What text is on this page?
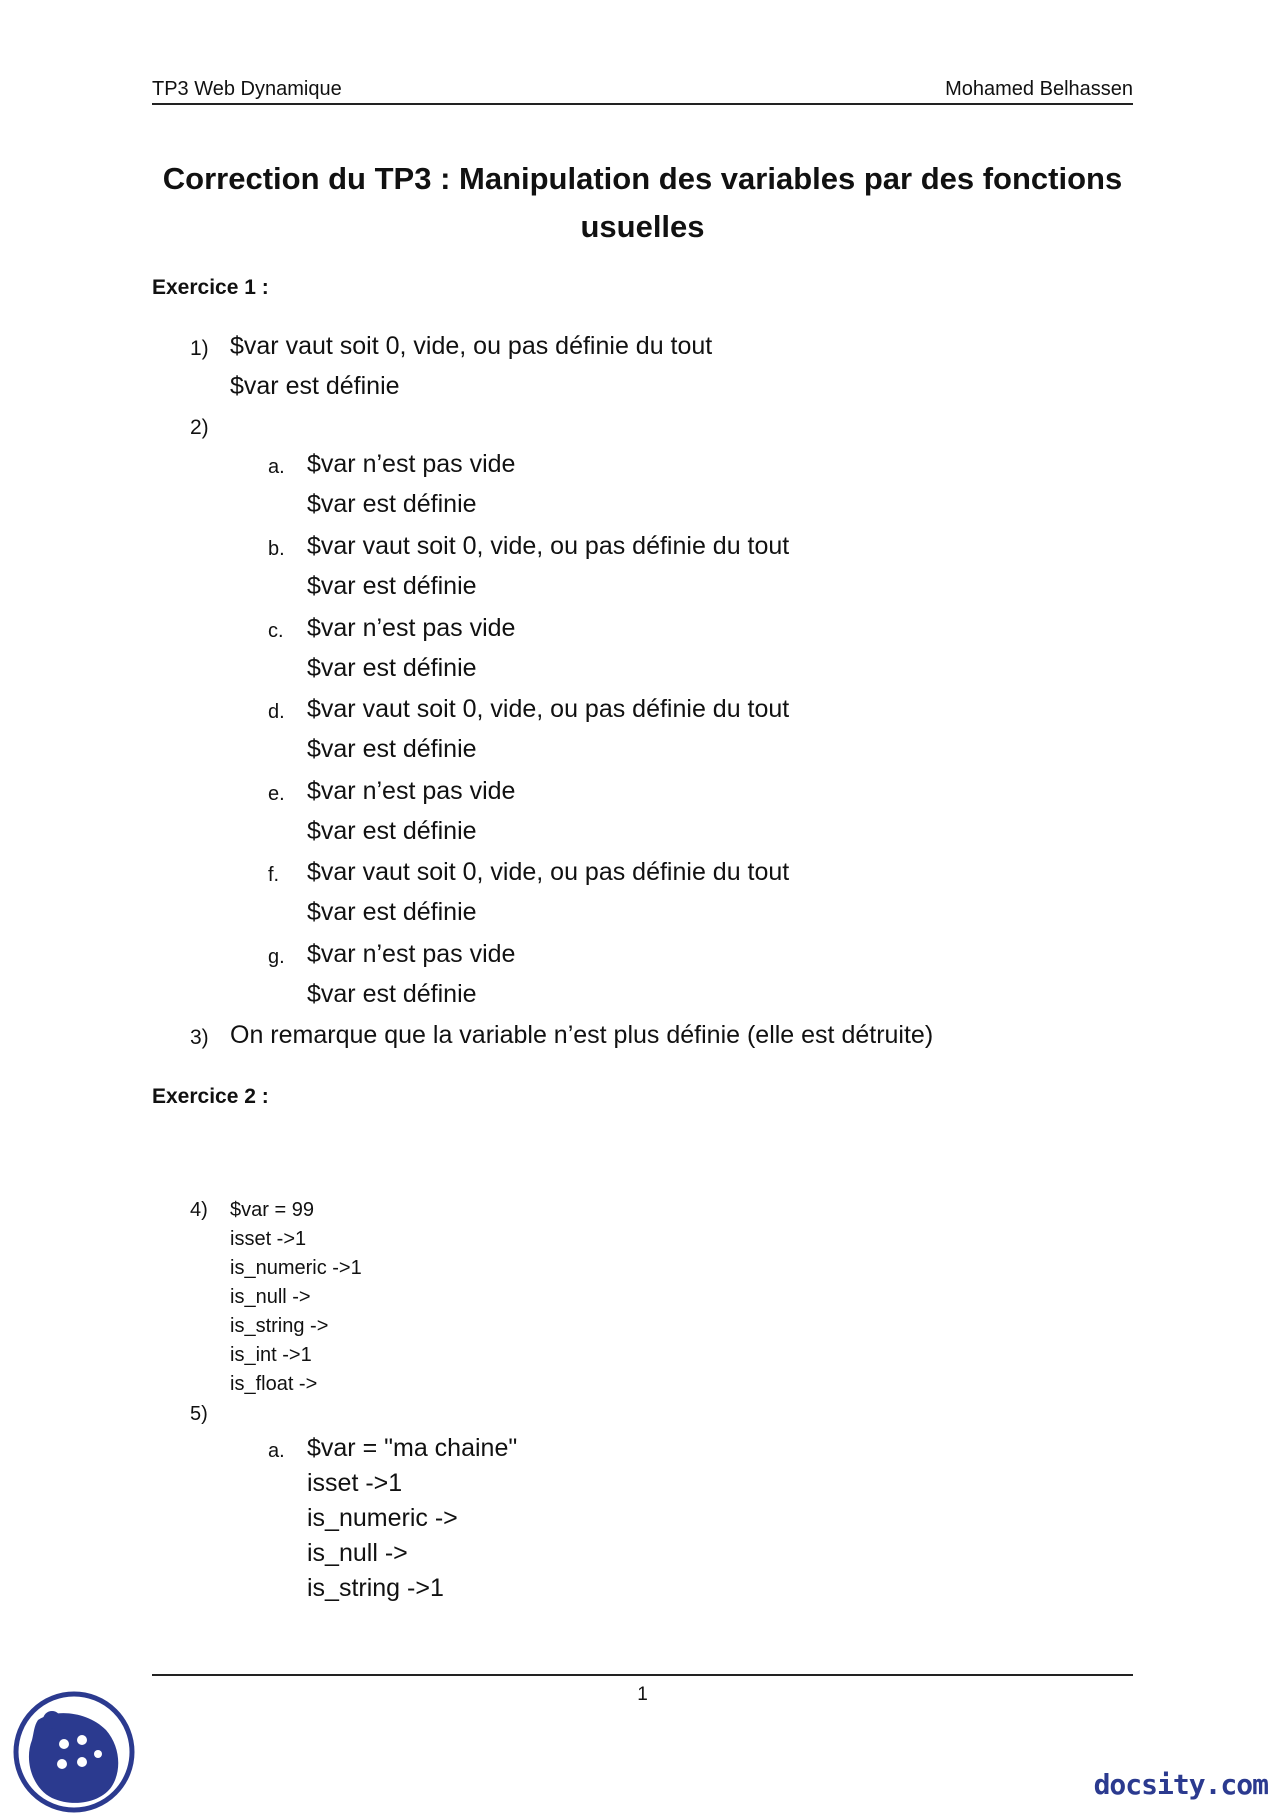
TP3 Web Dynamique	Mohamed Belhassen
Correction du TP3 : Manipulation des variables par des fonctions usuelles
Exercice 1 :
1) $var vaut soit 0, vide, ou pas définie du tout
$var est définie
2)
a. $var n’est pas vide
$var est définie
b. $var vaut soit 0, vide, ou pas définie du tout
$var est définie
c. $var n’est pas vide
$var est définie
d. $var vaut soit 0, vide, ou pas définie du tout
$var est définie
e. $var n’est pas vide
$var est définie
f. $var vaut soit 0, vide, ou pas définie du tout
$var est définie
g. $var n’est pas vide
$var est définie
3) On remarque que la variable n’est plus définie (elle est détruite)
Exercice 2 :
4) $var = 99
isset ->1
is_numeric ->1
is_null ->
is_string ->
is_int ->1
is_float ->
5)
a. $var = "ma chaine"
isset ->1
is_numeric ->
is_null ->
is_string ->1
1
docsity.com
